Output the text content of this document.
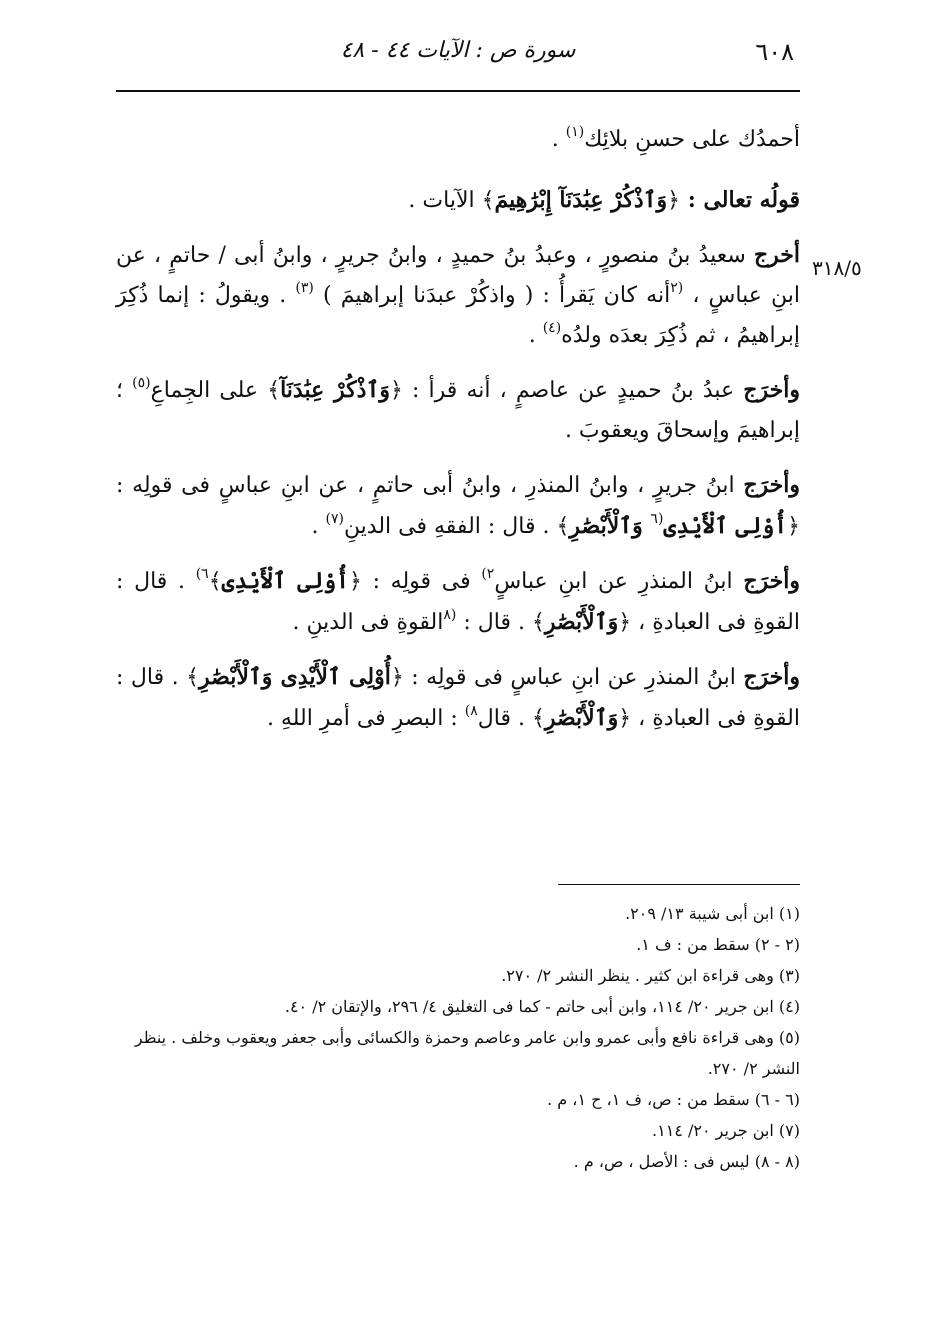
٦٠٨
سورة ص : الآيات ٤٤ - ٤٨
٣١٨/٥

أحمدُك على حسنِ بلائِك$^{(١)}$ .

قولُه تعالى : ﴿وَٱذْكُرْ عِبَٰدَنَآ إِبْرَٰهِيمَ﴾ الآيات .

أخرج سعيدُ بنُ منصورٍ ، وعبدُ بنُ حميدٍ ، وابنُ جريرٍ ، وابنُ أبى / حاتمٍ ، عن ابنِ عباسٍ ، $^{(٢}$أنه كان يَقرأُ : ( واذكُرْ عبدَنا إبراهيمَ ) $^{(٣)}$ . ويقولُ : إنما ذُكِرَ إبراهيمُ ، ثم ذُكِرَ بعدَه ولدُه$^{(٤)}$ .

وأخرَج عبدُ بنُ حميدٍ عن عاصمٍ ، أنه قرأ : ﴿وَٱذْكُرْ عِبَٰدَنَآ﴾ على الجِماعِ$^{(٥)}$ ؛ إبراهيمَ وإسحاقَ ويعقوبَ .

وأخرَج ابنُ جريرٍ ، وابنُ المنذرِ ، وابنُ أبى حاتمٍ ، عن ابنِ عباسٍ فى قولِه : ﴿أُوْلِى ٱلْأَيْدِى$^{(٦}$ وَٱلْأَبْصَٰرِ﴾ . قال : الفقهِ فى الدينِ$^{(٧)}$ .

وأخرَج ابنُ المنذرِ عن ابنِ عباسٍ$^{٢)}$ فى قولِه : ﴿أُوْلِى ٱلْأَيْدِى﴾$^{٦)}$ . قال : القوةِ فى العبادةِ ، ﴿وَٱلْأَبْصَٰرِ﴾ . قال : $^{(٨}$القوةِ فى الدينِ .

وأخرَج ابنُ المنذرِ عن ابنِ عباسٍ فى قولِه : ﴿أُوْلِى ٱلْأَيْدِى وَٱلْأَبْصَٰرِ﴾ . قال : القوةِ فى العبادةِ ، ﴿وَٱلْأَبْصَٰرِ﴾ . قال$^{٨)}$ : البصرِ فى أمرِ اللهِ .

(١) ابن أبى شيبة ١٣/ ٢٠٩.

(٢ - ٢) سقط من : ف ١.

(٣) وهى قراءة ابن كثير . ينظر النشر ٢/ ٢٧٠.

(٤) ابن جرير ٢٠/ ١١٤، وابن أبى حاتم - كما فى التغليق ٤/ ٢٩٦، والإتقان ٢/ ٤٠.

(٥) وهى قراءة نافع وأبى عمرو وابن عامر وعاصم وحمزة والكسائى وأبى جعفر ويعقوب وخلف . ينظر النشر ٢/ ٢٧٠.

(٦ - ٦) سقط من : ص، ف ١، ح ١، م .

(٧) ابن جرير ٢٠/ ١١٤.

(٨ - ٨) ليس فى : الأصل ، ص، م .
